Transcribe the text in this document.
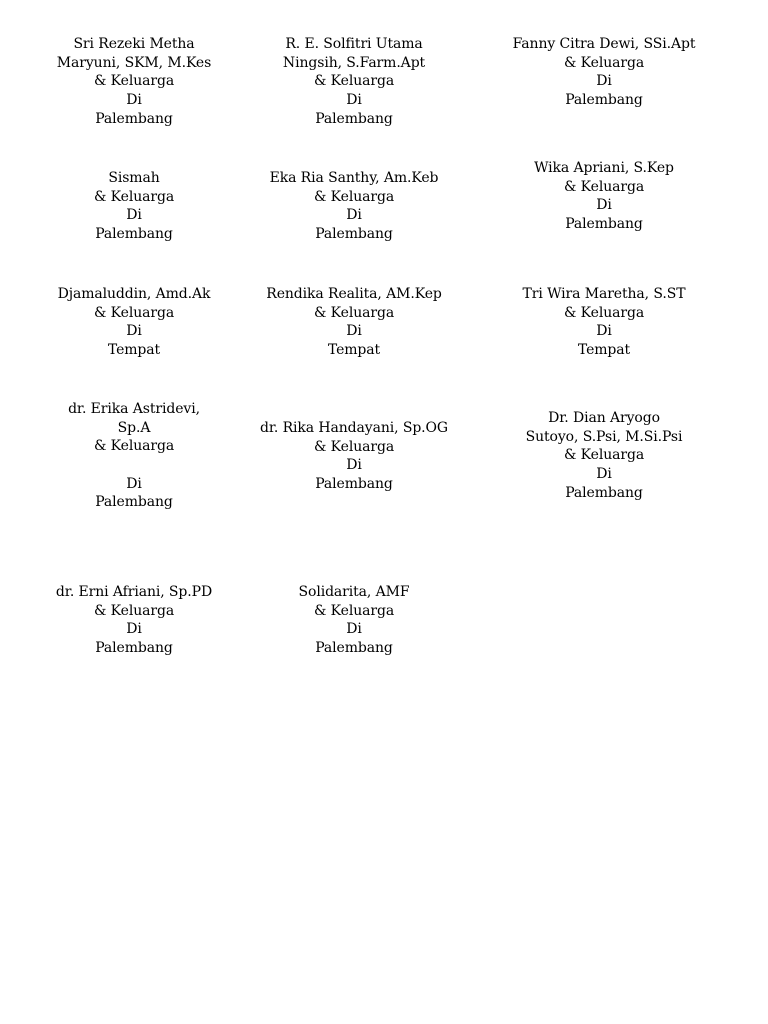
Sri Rezeki Metha
Maryuni, SKM, M.Kes
& Keluarga
Di
Palembang
R. E. Solfitri Utama
Ningsih, S.Farm.Apt
& Keluarga
Di
Palembang
Fanny Citra Dewi, SSi.Apt
& Keluarga
Di
Palembang
Sismah
& Keluarga
Di
Palembang
Eka Ria Santhy, Am.Keb
& Keluarga
Di
Palembang
Wika Apriani, S.Kep
& Keluarga
Di
Palembang
Djamaluddin, Amd.Ak
& Keluarga
Di
Tempat
Rendika Realita, AM.Kep
& Keluarga
Di
Tempat
Tri Wira Maretha, S.ST
& Keluarga
Di
Tempat
dr. Erika Astridevi,
Sp.A
& Keluarga
Di
Palembang
dr. Rika Handayani, Sp.OG
& Keluarga
Di
Palembang
Dr. Dian Aryogo
Sutoyo, S.Psi, M.Si.Psi
& Keluarga
Di
Palembang
dr. Erni Afriani, Sp.PD
& Keluarga
Di
Palembang
Solidarita, AMF
& Keluarga
Di
Palembang
